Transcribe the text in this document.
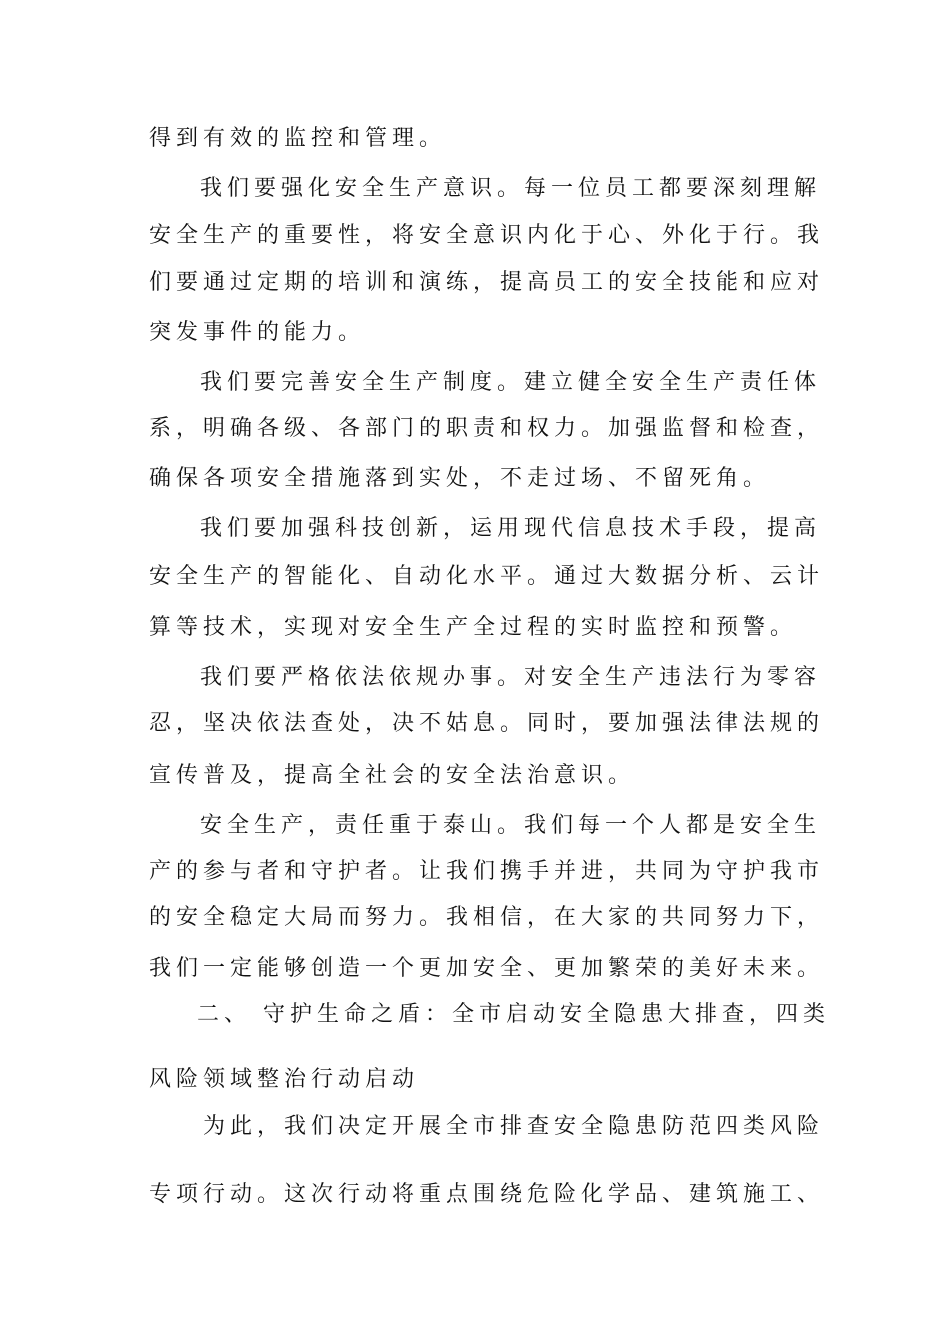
得到有效的监控和管理。

我们要强化安全生产意识。每一位员工都要深刻理解

安全生产的重要性，将安全意识内化于心、外化于行。我

们要通过定期的培训和演练，提高员工的安全技能和应对

突发事件的能力。

我们要完善安全生产制度。建立健全安全生产责任体

系，明确各级、各部门的职责和权力。加强监督和检查，

确保各项安全措施落到实处，不走过场、不留死角。

我们要加强科技创新，运用现代信息技术手段，提高

安全生产的智能化、自动化水平。通过大数据分析、云计

算等技术，实现对安全生产全过程的实时监控和预警。

我们要严格依法依规办事。对安全生产违法行为零容

忍，坚决依法查处，决不姑息。同时，要加强法律法规的

宣传普及，提高全社会的安全法治意识。

安全生产，责任重于泰山。我们每一个人都是安全生

产的参与者和守护者。让我们携手并进，共同为守护我市

的安全稳定大局而努力。我相信，在大家的共同努力下，

我们一定能够创造一个更加安全、更加繁荣的美好未来。

二、 守护生命之盾：全市启动安全隐患大排查，四类

风险领域整治行动启动

为此，我们决定开展全市排查安全隐患防范四类风险

专项行动。这次行动将重点围绕危险化学品、建筑施工、
